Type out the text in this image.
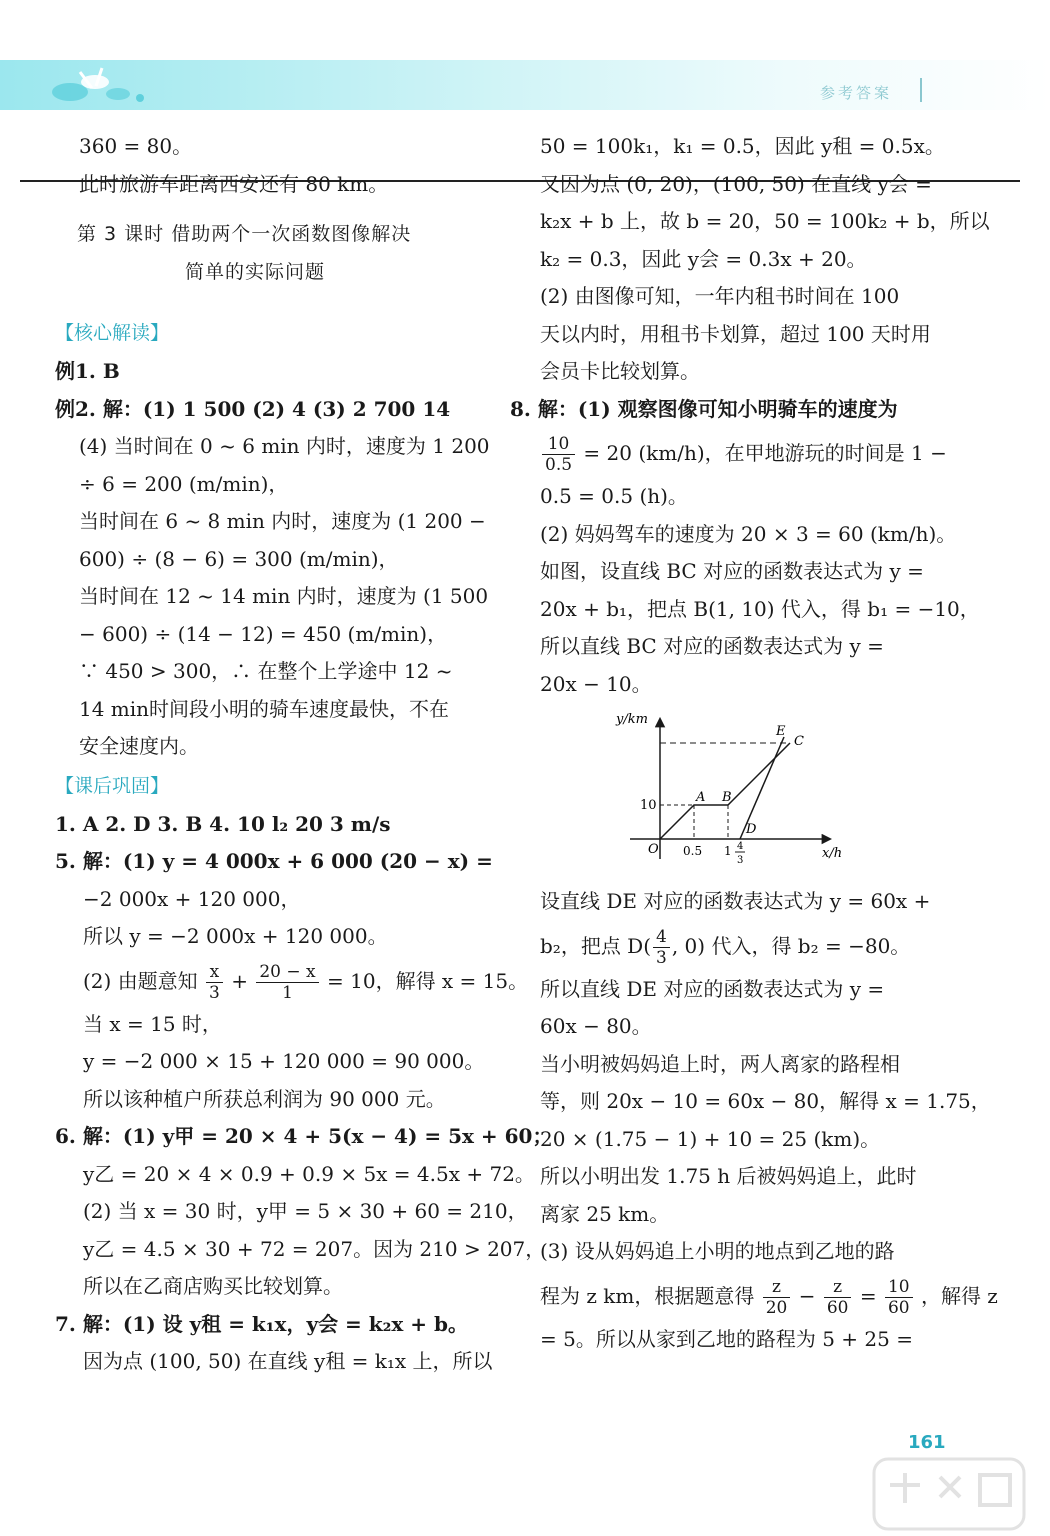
参考答案
360 = 80。
此时旅游车距离西安还有 80 km。
第 3 课时 借助两个一次函数图像解决
简单的实际问题
【核心解读】
例1. B
例2. 解：(1) 1 500 (2) 4 (3) 2 700 14
(4) 当时间在 0 ~ 6 min 内时，速度为 1 200
÷ 6 = 200 (m/min)，
当时间在 6 ~ 8 min 内时，速度为 (1 200 −
600) ÷ (8 − 6) = 300 (m/min)，
当时间在 12 ~ 14 min 内时，速度为 (1 500
− 600) ÷ (14 − 12) = 450 (m/min)，
∵ 450 > 300，∴ 在整个上学途中 12 ~
14 min时间段小明的骑车速度最快，不在
安全速度内。
【课后巩固】
1. A 2. D 3. B 4. 10 l₂ 20 3 m/s
5. 解：(1) y = 4 000x + 6 000 (20 − x) =
−2 000x + 120 000，
所以 y = −2 000x + 120 000。
(2) 由题意知 $\frac{x}{3} + \frac{20 - x}{1} = 10$，解得 x = 15。
当 x = 15 时，
y = −2 000 × 15 + 120 000 = 90 000。
所以该种植户所获总利润为 90 000 元。
6. 解：(1) y甲 = 20 × 4 + 5(x − 4) = 5x + 60；
y乙 = 20 × 4 × 0.9 + 0.9 × 5x = 4.5x + 72。
(2) 当 x = 30 时，y甲 = 5 × 30 + 60 = 210，
y乙 = 4.5 × 30 + 72 = 207。因为 210 > 207，
所以在乙商店购买比较划算。
7. 解：(1) 设 y租 = k₁x，y会 = k₂x + b。
因为点 (100, 50) 在直线 y租 = k₁x 上，所以
50 = 100k₁，k₁ = 0.5，因此 y租 = 0.5x。
又因为点 (0, 20)，(100, 50) 在直线 y会 =
k₂x + b 上，故 b = 20，50 = 100k₂ + b，所以
k₂ = 0.3，因此 y会 = 0.3x + 20。
(2) 由图像可知，一年内租书时间在 100
天以内时，用租书卡划算，超过 100 天时用
会员卡比较划算。
8. 解：(1) 观察图像可知小明骑车的速度为
$\frac{10}{0.5} = 20$ (km/h)，在甲地游玩的时间是 1 −
0.5 = 0.5 (h)。
(2) 妈妈驾车的速度为 20 × 3 = 60 (km/h)。
如图，设直线 BC 对应的函数表达式为 y =
20x + b₁，把点 B(1, 10) 代入，得 b₁ = −10，
所以直线 BC 对应的函数表达式为 y =
20x − 10。
y/km
x/h
O
10
0.5 1 4
3
A B
C
D
E
设直线 DE 对应的函数表达式为 y = 60x +
b₂，把点 $D( \frac{4}{3}$ , 0) 代入，得 b₂ = −80。
所以直线 DE 对应的函数表达式为 y =
60x − 80。
当小明被妈妈追上时，两人离家的路程相
等，则 20x − 10 = 60x − 80，解得 x = 1.75，
20 × (1.75 − 1) + 10 = 25 (km)。
所以小明出发 1.75 h 后被妈妈追上，此时
离家 25 km。
(3) 设从妈妈追上小明的地点到乙地的路
程为 z km，根据题意得 $\frac{z}{20} - \frac{z}{60} = \frac{10}{60}$ ，解得 z
= 5。所以从家到乙地的路程为 5 + 25 =
161
